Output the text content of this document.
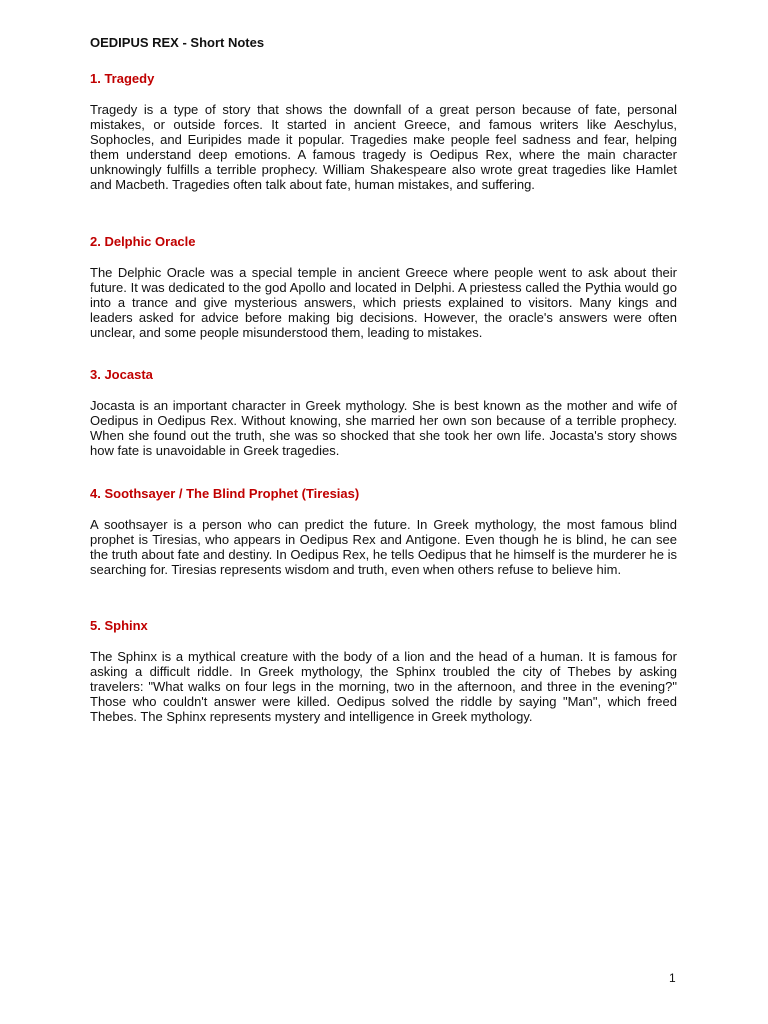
OEDIPUS REX - Short Notes
1. Tragedy

Tragedy is a type of story that shows the downfall of a great person because of fate, personal mistakes, or outside forces. It started in ancient Greece, and famous writers like Aeschylus, Sophocles, and Euripides made it popular. Tragedies make people feel sadness and fear, helping them understand deep emotions. A famous tragedy is Oedipus Rex, where the main character unknowingly fulfills a terrible prophecy. William Shakespeare also wrote great tragedies like Hamlet and Macbeth. Tragedies often talk about fate, human mistakes, and suffering.

2. Delphic Oracle

The Delphic Oracle was a special temple in ancient Greece where people went to ask about their future. It was dedicated to the god Apollo and located in Delphi. A priestess called the Pythia would go into a trance and give mysterious answers, which priests explained to visitors. Many kings and leaders asked for advice before making big decisions. However, the oracle's answers were often unclear, and some people misunderstood them, leading to mistakes.

3. Jocasta

Jocasta is an important character in Greek mythology. She is best known as the mother and wife of Oedipus in Oedipus Rex. Without knowing, she married her own son because of a terrible prophecy. When she found out the truth, she was so shocked that she took her own life. Jocasta's story shows how fate is unavoidable in Greek tragedies.

4. Soothsayer / The Blind Prophet (Tiresias)

A soothsayer is a person who can predict the future. In Greek mythology, the most famous blind prophet is Tiresias, who appears in Oedipus Rex and Antigone. Even though he is blind, he can see the truth about fate and destiny. In Oedipus Rex, he tells Oedipus that he himself is the murderer he is searching for. Tiresias represents wisdom and truth, even when others refuse to believe him.

5. Sphinx

The Sphinx is a mythical creature with the body of a lion and the head of a human. It is famous for asking a difficult riddle. In Greek mythology, the Sphinx troubled the city of Thebes by asking travelers: "What walks on four legs in the morning, two in the afternoon, and three in the evening?" Those who couldn't answer were killed. Oedipus solved the riddle by saying "Man", which freed Thebes. The Sphinx represents mystery and intelligence in Greek mythology.

1
